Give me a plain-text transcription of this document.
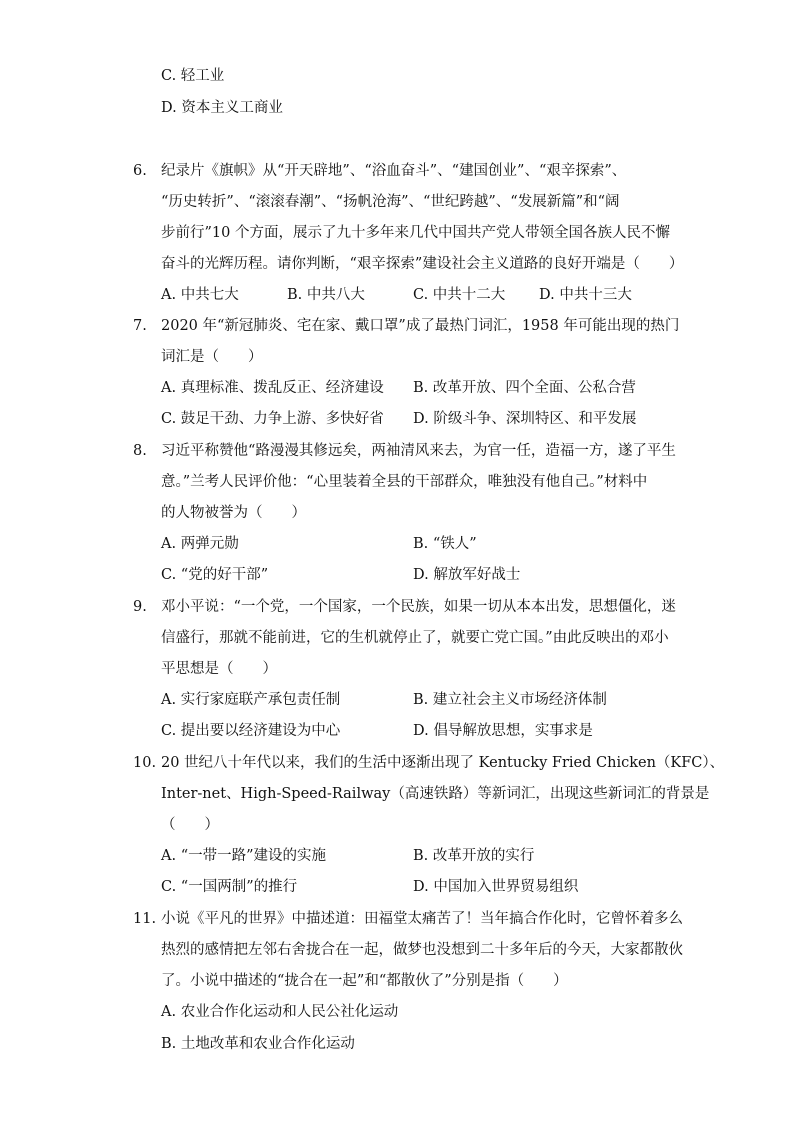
C. 轻工业
D. 资本主义工商业
6. 纪录片《旗帜》从“开天辟地”、“浴血奋斗”、“建国创业”、“艰辛探索”、
“历史转折”、“滚滚春潮”、“扬帆沧海”、“世纪跨越”、“发展新篇”和“阔
步前行”10 个方面，展示了九十多年来几代中国共产党人带领全国各族人民不懈
奋斗的光辉历程。请你判断，“艰辛探索”建设社会主义道路的良好开端是（　　）
A. 中共七大	B. 中共八大	C. 中共十二大 D. 中共十三大
7. 2020 年“新冠肺炎、宅在家、戴口罩”成了最热门词汇，1958 年可能出现的热门
词汇是（　　）
A. 真理标准、拨乱反正、经济建设 B. 改革开放、四个全面、公私合营
C. 鼓足干劲、力争上游、多快好省 D. 阶级斗争、深圳特区、和平发展
8. 习近平称赞他“路漫漫其修远矣，两袖清风来去，为官一任，造福一方，遂了平生
意。”兰考人民评价他：“心里装着全县的干部群众，唯独没有他自己。”材料中
的人物被誉为（　　）
A. 两弹元勋	B. “铁人”
C. “党的好干部”	D. 解放军好战士
9. 邓小平说：“一个党，一个国家，一个民族，如果一切从本本出发，思想僵化，迷
信盛行，那就不能前进，它的生机就停止了，就要亡党亡国。”由此反映出的邓小
平思想是（　　）
A. 实行家庭联产承包责任制	B. 建立社会主义市场经济体制
C. 提出要以经济建设为中心	D. 倡导解放思想，实事求是
10. 20 世纪八十年代以来，我们的生活中逐渐出现了 Kentucky Fried Chicken（KFC）、
Inter-net、High-Speed-Railway（高速铁路）等新词汇，出现这些新词汇的背景是
（　　）
A. “一带一路”建设的实施	B. 改革开放的实行
C. “一国两制”的推行	D. 中国加入世界贸易组织
11. 小说《平凡的世界》中描述道：田福堂太痛苦了！当年搞合作化时，它曾怀着多么
热烈的感情把左邻右舍拢合在一起，做梦也没想到二十多年后的今天，大家都散伙
了。小说中描述的“拢合在一起”和“都散伙了”分别是指（　　）
A. 农业合作化运动和人民公社化运动
B. 土地改革和农业合作化运动
